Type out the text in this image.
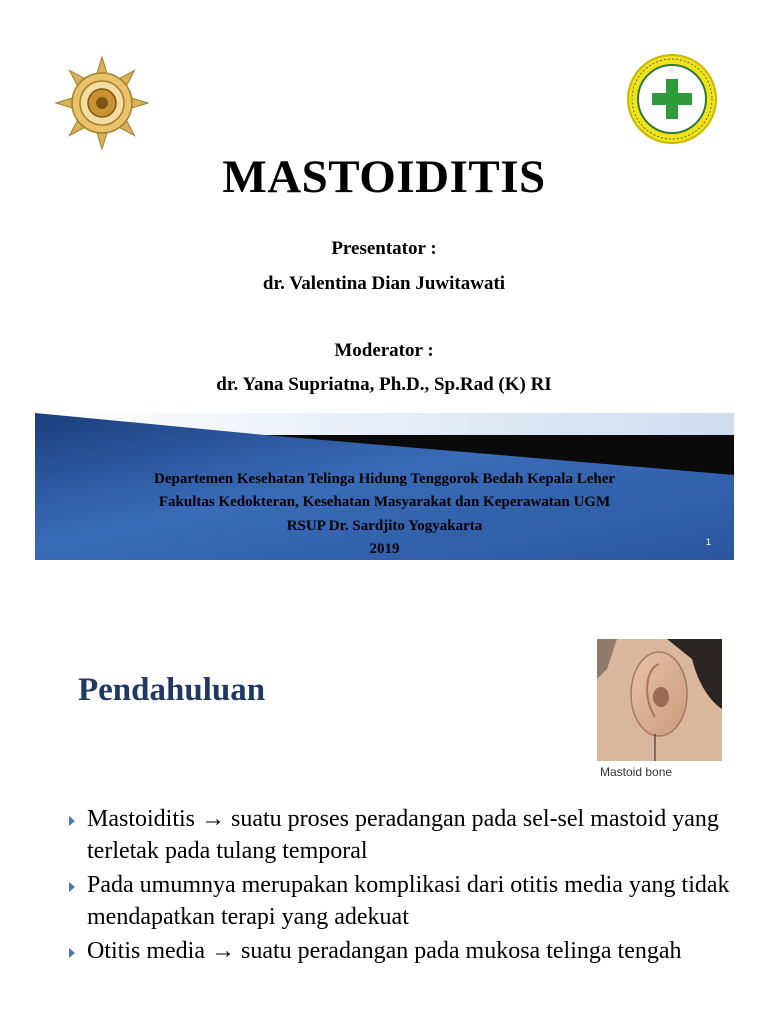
MASTOIDITIS
Presentator :
dr. Valentina Dian Juwitawati
Moderator :
dr. Yana Supriatna, Ph.D., Sp.Rad (K) RI
Departemen Kesehatan Telinga Hidung Tenggorok Bedah Kepala Leher
Fakultas Kedokteran, Kesehatan Masyarakat dan Keperawatan UGM
RSUP Dr. Sardjito Yogyakarta
2019	1
Pendahuluan
Mastoid bone
Mastoiditis → suatu proses peradangan pada sel-sel mastoid yang terletak pada tulang temporal
Pada umumnya merupakan komplikasi dari otitis media yang tidak mendapatkan terapi yang adekuat
Otitis media → suatu peradangan pada mukosa telinga tengah
